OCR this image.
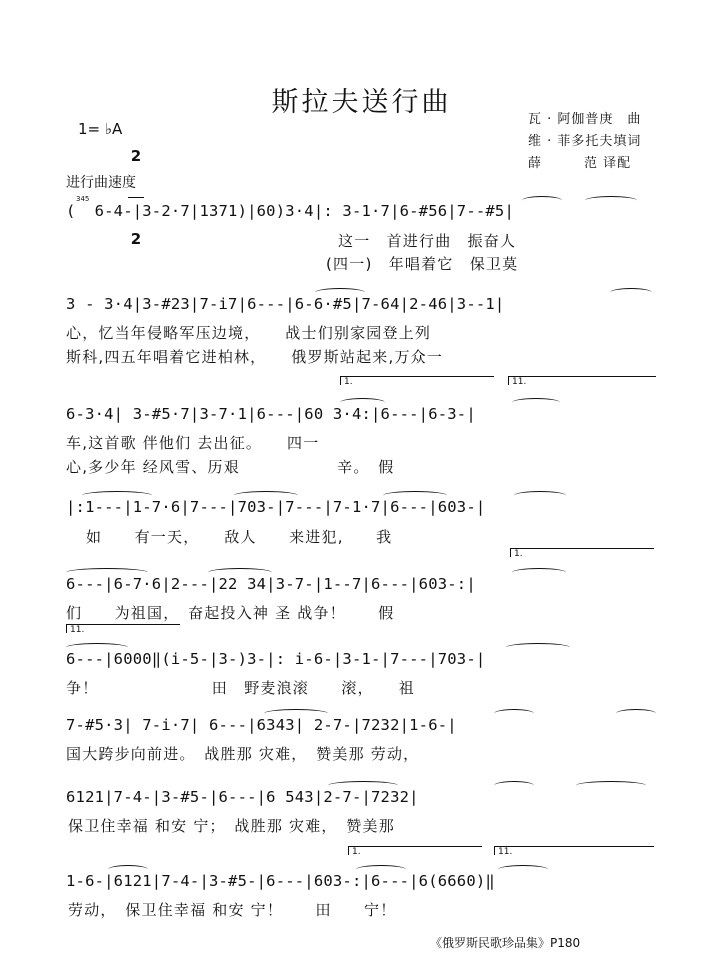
斯拉夫送行曲
瓦 · 阿伽普庚　曲
维 · 菲多托夫填词
薛　　　范 译配
1= ♭A

2

2

进行曲速度
345
(  6-4-|3-2·7|1371)|60)3·4|: 3-1·7|6-#56|7--#5|
这一　首进行曲　振奋人
(四一)　年唱着它　保卫莫
3 - 3·4|3-#23|7-i7|6---|6-6·#5|7-64|2-46|3--1|
心，忆当年侵略军压边境，　　战士们别家园登上列
斯科,四五年唱着它进柏林，　　俄罗斯站起来,万众一
1.	11.
6-3·4| 3-#5·7|3-7·1|6---|60 3·4:|6---|6-3-|
车,这首歌 伴他们 去出征。　　四一
心,多少年 经风雪、历艰　　　　　　辛。　假
|:1---|1-7·6|7---|703-|7---|7-1·7|6---|603-|
如　　有一天，　　敌人　　来进犯,　　我
1.
6---|6-7·6|2---|22 34|3-7-|1--7|6---|603-:|
们　　为祖国，　奋起投入神 圣 战争！　　假
11.
6---|6000‖(i-5-|3-)3-|: i-6-|3-1-|7---|703-|
争！　　　　　　　田　野麦浪滚　　滚，　　祖
7-#5·3| 7-i·7| 6---|6343| 2-7-|7232|1-6-|
国大跨步向前进。　战胜那 灾难，　赞美那 劳动，
6121|7-4-|3-#5-|6---|6 543|2-7-|7232|
保卫住幸福 和安 宁；　战胜那 灾难，　赞美那
1.	11.
1-6-|6121|7-4-|3-#5-|6---|603-:|6---|6(6660)‖
劳动，　保卫住幸福 和安 宁！　　田　　宁！
《俄罗斯民歌珍品集》P180
